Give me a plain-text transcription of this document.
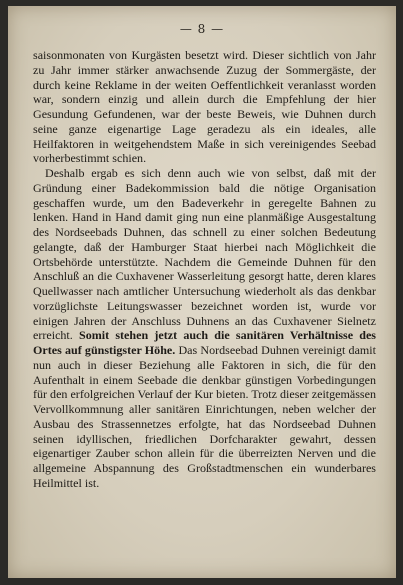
— 8 —

saisonmonaten von Kurgästen besetzt wird. Dieser sichtlich von Jahr zu Jahr immer stärker anwachsende Zuzug der Sommergäste, der durch keine Reklame in der weiten Oeffentlichkeit veranlasst worden war, sondern einzig und allein durch die Empfehlung der hier Gesundung Gefundenen, war der beste Beweis, wie Duhnen durch seine ganze eigenartige Lage geradezu als ein ideales, alle Heilfaktoren in weitgehendstem Maße in sich vereinigendes Seebad vorherbestimmt schien.

Deshalb ergab es sich denn auch wie von selbst, daß mit der Gründung einer Badekommission bald die nötige Organisation geschaffen wurde, um den Badeverkehr in geregelte Bahnen zu lenken. Hand in Hand damit ging nun eine planmäßige Ausgestaltung des Nordseebads Duhnen, das schnell zu einer solchen Bedeutung gelangte, daß der Hamburger Staat hierbei nach Möglichkeit die Ortsbehörde unterstützte. Nachdem die Gemeinde Duhnen für den Anschluß an die Cuxhavener Wasserleitung gesorgt hatte, deren klares Quellwasser nach amtlicher Untersuchung wiederholt als das denkbar vorzüglichste Leitungswasser bezeichnet worden ist, wurde vor einigen Jahren der Anschluss Duhnens an das Cuxhavener Sielnetz erreicht. Somit stehen jetzt auch die sanitären Verhältnisse des Ortes auf günstigster Höhe. Das Nordseebad Duhnen vereinigt damit nun auch in dieser Beziehung alle Faktoren in sich, die für den Aufenthalt in einem Seebade die denkbar günstigen Vorbedingungen für den erfolgreichen Verlauf der Kur bieten. Trotz dieser zeitgemässen Vervollkommnung aller sanitären Einrichtungen, neben welcher der Ausbau des Strassennetzes erfolgte, hat das Nordseebad Duhnen seinen idyllischen, friedlichen Dorfcharakter gewahrt, dessen eigenartiger Zauber schon allein für die überreizten Nerven und die allgemeine Abspannung des Großstadtmenschen ein wunderbares Heilmittel ist.
